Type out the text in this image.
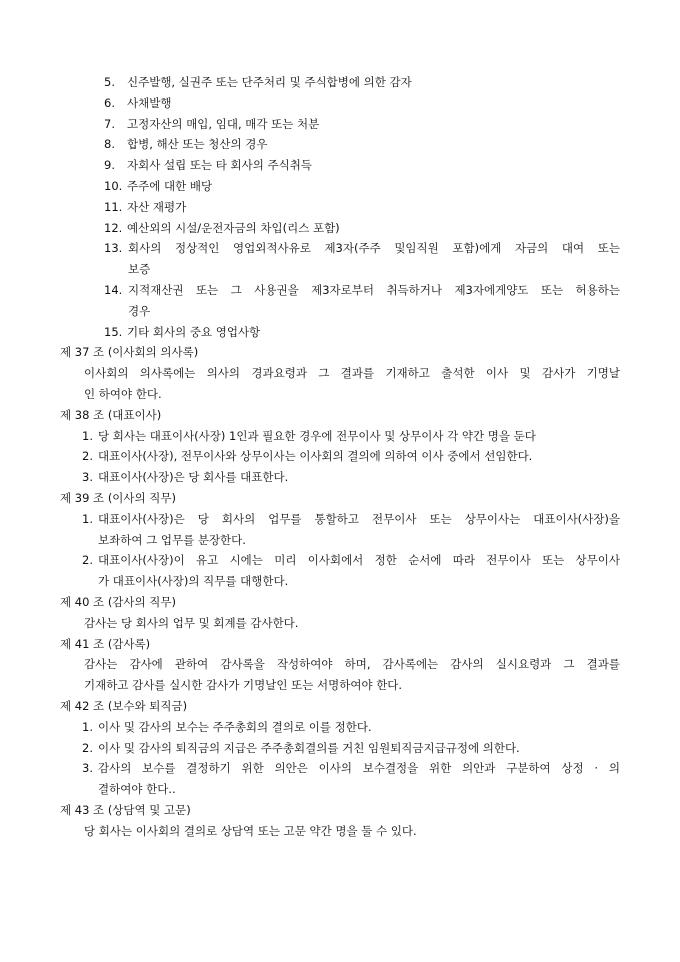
5. 신주발행, 실권주 또는 단주처리 및 주식합병에 의한 감자
6. 사채발행
7. 고정자산의 매입, 임대, 매각 또는 처분
8. 합병, 해산 또는 청산의 경우
9. 자회사 설립 또는 타 회사의 주식취득
10. 주주에 대한 배당
11. 자산 재평가
12. 예산외의 시설/운전자금의 차입(리스 포함)
13. 회사의 정상적인 영업외적사유로 제3자(주주 및임직원 포함)에게 자금의 대여 또는
보증
14. 지적재산권 또는 그 사용권을 제3자로부터 취득하거나 제3자에게양도 또는 허용하는
경우
15. 기타 회사의 중요 영업사항
제 37 조 (이사회의 의사록)
이사회의 의사록에는 의사의 경과요령과 그 결과를 기재하고 출석한 이사 및 감사가 기명날
인 하여야 한다.
제 38 조 (대표이사)
1. 당 회사는 대표이사(사장) 1인과 필요한 경우에 전무이사 및 상무이사 각 약간 명을 둔다
2. 대표이사(사장), 전무이사와 상무이사는 이사회의 결의에 의하여 이사 중에서 선임한다.
3. 대표이사(사장)은 당 회사를 대표한다.
제 39 조 (이사의 직무)
1. 대표이사(사장)은 당 회사의 업무를 통할하고 전무이사 또는 상무이사는 대표이사(사장)을
보좌하여 그 업무를 분장한다.
2. 대표이사(사장)이 유고 시에는 미리 이사회에서 정한 순서에 따라 전무이사 또는 상무이사
가 대표이사(사장)의 직무를 대행한다.
제 40 조 (감사의 직무)
감사는 당 회사의 업무 및 회계를 감사한다.
제 41 조 (감사록)
감사는 감사에 관하여 감사록을 작성하여야 하며, 감사록에는 감사의 실시요령과 그 결과를
기재하고 감사를 실시한 감사가 기명날인 또는 서명하여야 한다.
제 42 조 (보수와 퇴직금)
1. 이사 및 감사의 보수는 주주총회의 결의로 이를 정한다.
2. 이사 및 감사의 퇴직금의 지급은 주주총회결의를 거친 임원퇴직금지급규정에 의한다.
3. 감사의 보수를 결정하기 위한 의안은 이사의 보수결정을 위한 의안과 구분하여 상정 · 의
결하여야 한다..
제 43 조 (상담역 및 고문)
당 회사는 이사회의 결의로 상담역 또는 고문 약간 명을 둘 수 있다.
